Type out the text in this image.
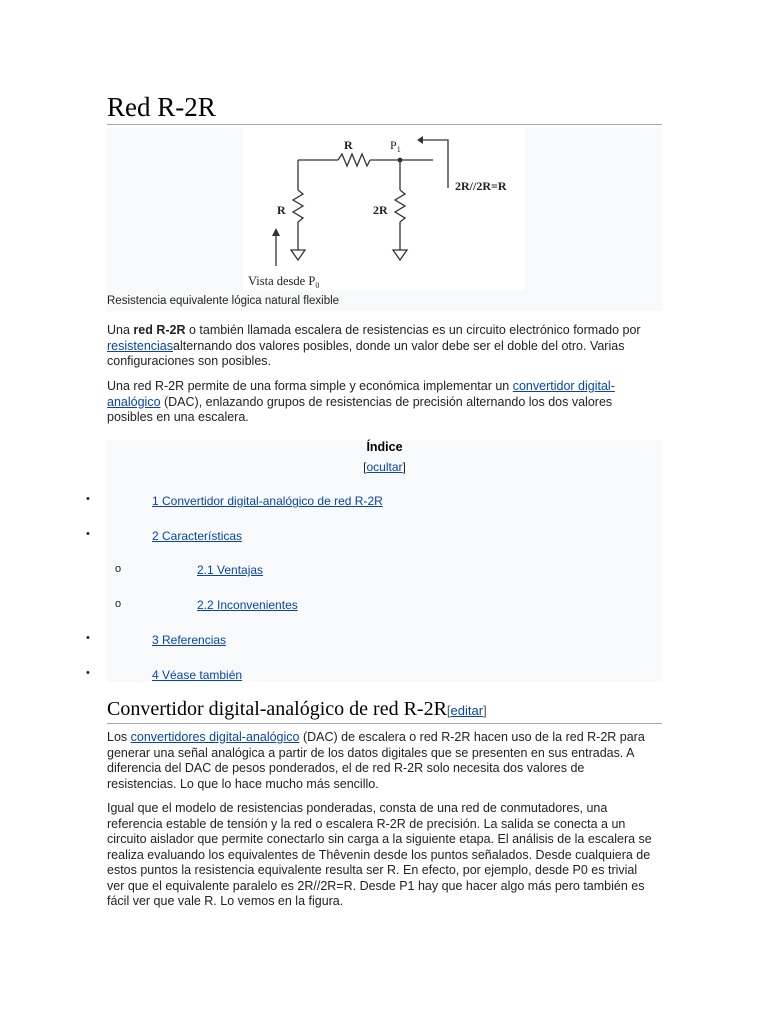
Red R-2R
R	$P_1$
R	2R
2R//2R=R
Vista desde $P_0$
Resistencia equivalente lógica natural flexible

Una red R-2R o también llamada escalera de resistencias es un circuito electrónico formado por resistenciasalternando dos valores posibles, donde un valor debe ser el doble del otro. Varias configuraciones son posibles.

Una red R-2R permite de una forma simple y económica implementar un convertidor digital-analógico (DAC), enlazando grupos de resistencias de precisión alternando los dos valores posibles en una escalera.

Índice
[ocultar]
•	1 Convertidor digital-analógico de red R-2R
•	2 Características
o	2.1 Ventajas
o	2.2 Inconvenientes
•	3 Referencias
•	4 Véase también
Convertidor digital-analógico de red R-2R[editar]

Los convertidores digital-analógico (DAC) de escalera o red R-2R hacen uso de la red R-2R para generar una señal analógica a partir de los datos digitales que se presenten en sus entradas. A diferencia del DAC de pesos ponderados, el de red R-2R solo necesita dos valores de resistencias. Lo que lo hace mucho más sencillo.

Igual que el modelo de resistencias ponderadas, consta de una red de conmutadores, una referencia estable de tensión y la red o escalera R-2R de precisión. La salida se conecta a un circuito aislador que permite conectarlo sin carga a la siguiente etapa. El análisis de la escalera se realiza evaluando los equivalentes de Thêvenin desde los puntos señalados. Desde cualquiera de estos puntos la resistencia equivalente resulta ser R. En efecto, por ejemplo, desde P0 es trivial ver que el equivalente paralelo es 2R//2R=R. Desde P1 hay que hacer algo más pero también es fácil ver que vale R. Lo vemos en la figura.
